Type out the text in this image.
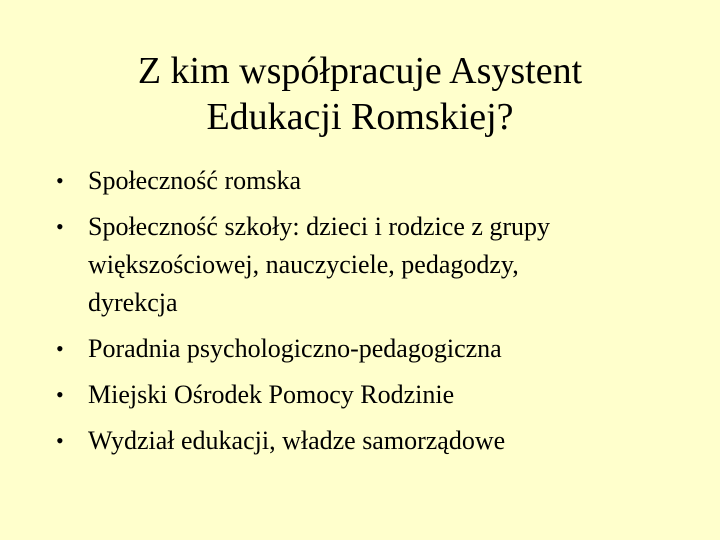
Z kim współpracuje Asystent
Edukacji Romskiej?
• Społeczność romska
• Społeczność szkoły: dzieci i rodzice z grupy
większościowej, nauczyciele, pedagodzy,
dyrekcja
• Poradnia psychologiczno-pedagogiczna
• Miejski Ośrodek Pomocy Rodzinie
• Wydział edukacji, władze samorządowe
